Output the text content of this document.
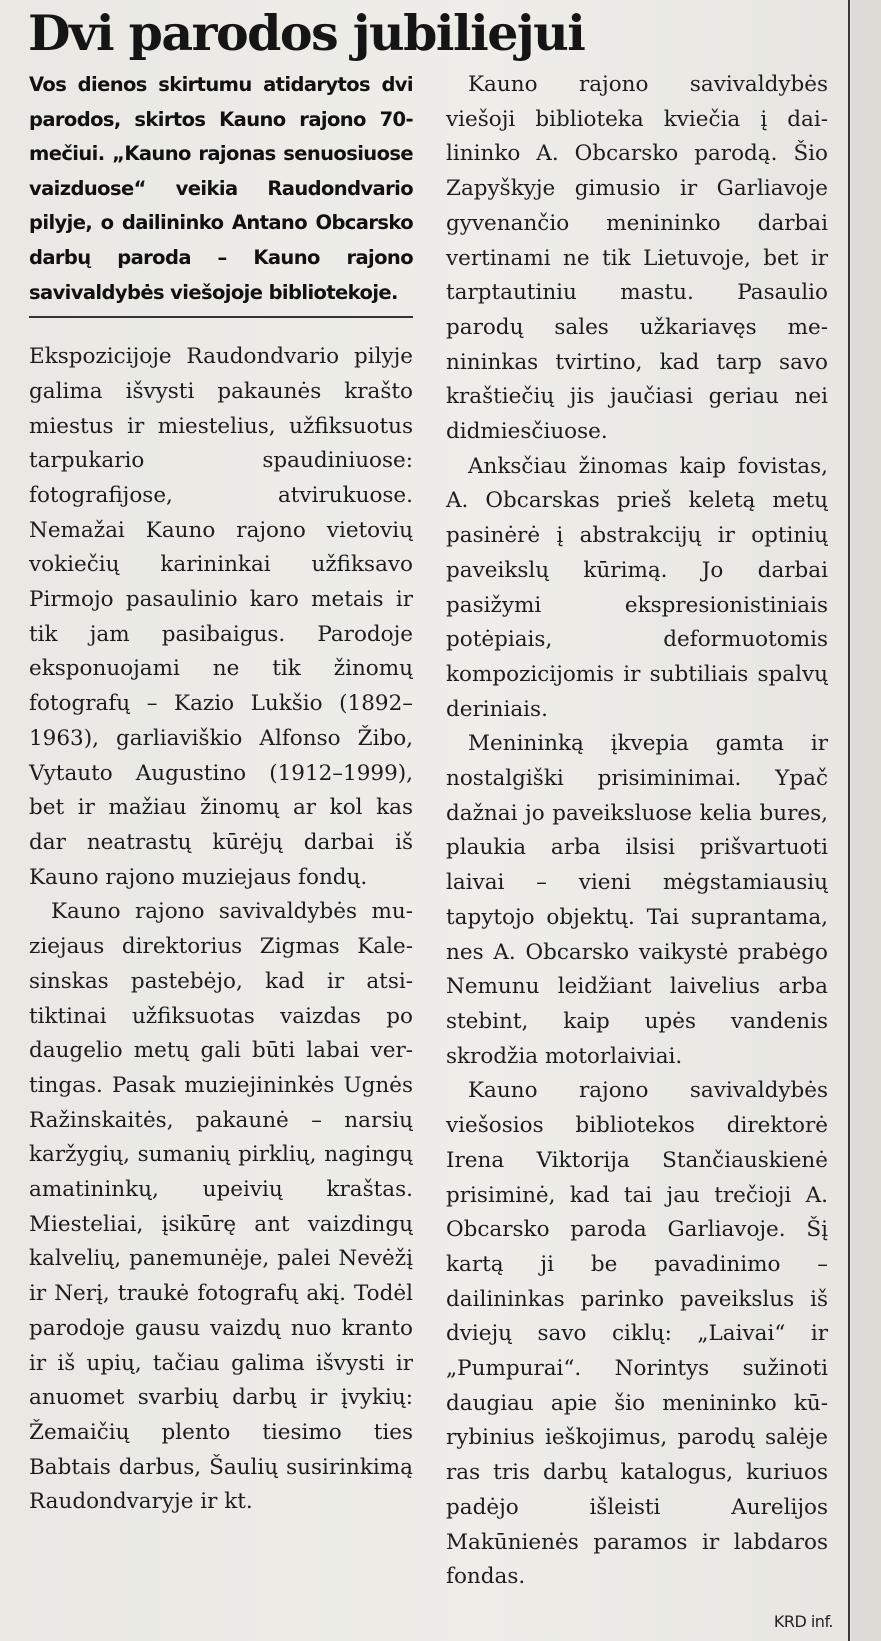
Dvi parodos jubiliejui

Vos dienos skirtumu atidarytos dvi parodos, skirtos Kauno rajono 70-mečiui. „Kauno rajonas senuosiuose vaizduose“ veikia Raudondvario pilyje, o dailininko Antano Obcarsko darbų paroda – Kauno rajono savivaldybės viešojoje bibliotekoje.

Ekspozicijoje Raudondvario pilyje galima išvysti pakaunės krašto miestus ir miestelius, užfiksuotus tarpukario spaudiniuose: fotografijose, atvirukuose. Nemažai Kauno rajono vietovių vokiečių karininkai užfiksavo Pirmojo pasaulinio karo metais ir tik jam pasibaigus. Parodoje eksponuojami ne tik žinomų fotografų – Kazio Lukšio (1892–1963), garliaviškio Alfonso Žibo, Vytauto Augustino (1912–1999), bet ir mažiau žinomų ar kol kas dar neatrastų kūrėjų darbai iš Kauno rajono muziejaus fondų.

Kauno rajono savivaldybės muziejaus direktorius Zigmas Kalesinskas pastebėjo, kad ir atsitiktinai užfiksuotas vaizdas po daugelio metų gali būti labai vertingas. Pasak muziejininkės Ugnės Ražinskaitės, pakaunė – narsių karžygių, sumanių pirklių, nagingų amatininkų, upeivių kraštas. Miesteliai, įsikūrę ant vaizdingų kalvelių, panemunėje, palei Nevėžį ir Nerį, traukė fotografų akį. Todėl parodoje gausu vaizdų nuo kranto ir iš upių, tačiau galima išvysti ir anuomet svarbių darbų ir įvykių: Žemaičių plento tiesimo ties Babtais darbus, Šaulių susirinkimą Raudondvaryje ir kt.

Kauno rajono savivaldybės viešoji biblioteka kviečia į dailininko A. Obcarsko parodą. Šio Zapyškyje gimusio ir Garliavoje gyvenančio menininko darbai vertinami ne tik Lietuvoje, bet ir tarptautiniu mastu. Pasaulio parodų sales užkariavęs menininkas tvirtino, kad tarp savo kraštiečių jis jaučiasi geriau nei didmiesčiuose.

Anksčiau žinomas kaip fovistas, A. Obcarskas prieš keletą metų pasinėrė į abstrakcijų ir optinių paveikslų kūrimą. Jo darbai pasižymi ekspresionistiniais potėpiais, deformuotomis kompozicijomis ir subtiliais spalvų deriniais.

Menininką įkvepia gamta ir nostalgiški prisiminimai. Ypač dažnai jo paveiksluose kelia bures, plaukia arba ilsisi prišvartuoti laivai – vieni mėgstamiausių tapytojo objektų. Tai suprantama, nes A. Obcarsko vaikystė prabėgo Nemunu leidžiant laivelius arba stebint, kaip upės vandenis skrodžia motorlaiviai.

Kauno rajono savivaldybės viešosios bibliotekos direktorė Irena Viktorija Stančiauskienė prisiminė, kad tai jau trečioji A. Obcarsko paroda Garliavoje. Šį kartą ji be pavadinimo – dailininkas parinko paveikslus iš dviejų savo ciklų: „Laivai“ ir „Pumpurai“. Norintys sužinoti daugiau apie šio menininko kūrybinius ieškojimus, parodų salėje ras tris darbų katalogus, kuriuos padėjo išleisti Aurelijos Makūnienės paramos ir labdaros fondas.

KRD inf.
